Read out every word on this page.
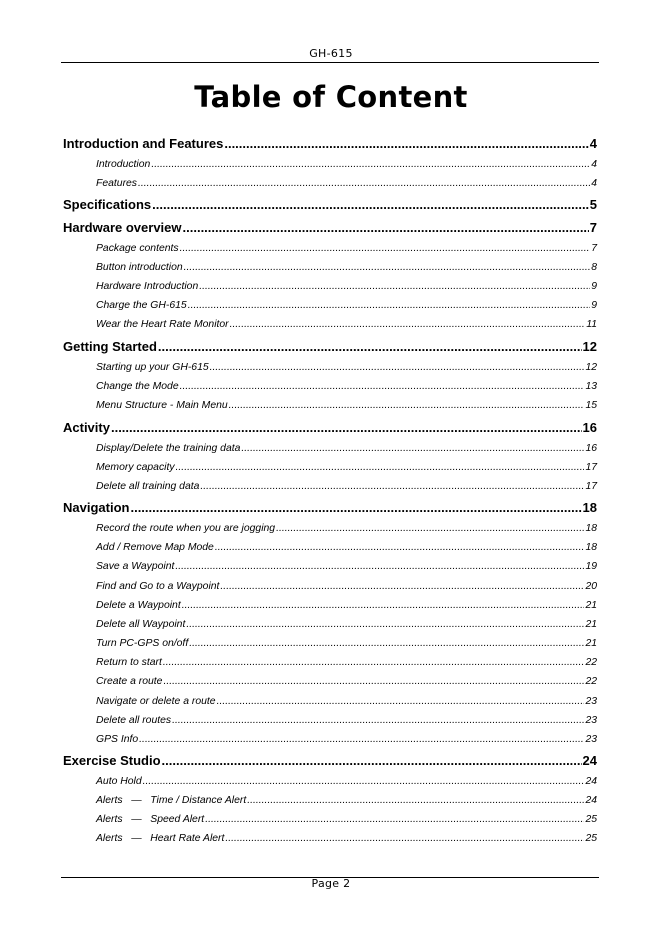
GH-615
Table of Content
Introduction and Features .....	4
Introduction .....	4
Features .....	4
Specifications .....	5
Hardware overview .....	7
Package contents .....	7
Button introduction .....	8
Hardware Introduction .....	9
Charge the GH-615 .....	9
Wear the Heart Rate Monitor .....	11
Getting Started .....	12
Starting up your GH-615 .....	12
Change the Mode .....	13
Menu Structure - Main Menu .....	15
Activity .....	16
Display/Delete the training data .....	16
Memory capacity .....	17
Delete all training data .....	17
Navigation .....	18
Record the route when you are jogging .....	18
Add / Remove Map Mode .....	18
Save a Waypoint .....	19
Find and Go to a Waypoint .....	20
Delete a Waypoint .....	21
Delete all Waypoint .....	21
Turn PC-GPS on/off .....	21
Return to start .....	22
Create a route .....	22
Navigate or delete a route .....	23
Delete all routes .....	23
GPS Info .....	23
Exercise Studio .....	24
Auto Hold .....	24
Alerts   —   Time / Distance Alert .....	24
Alerts   —   Speed Alert .....	25
Alerts   —   Heart Rate Alert .....	25
Page 2
